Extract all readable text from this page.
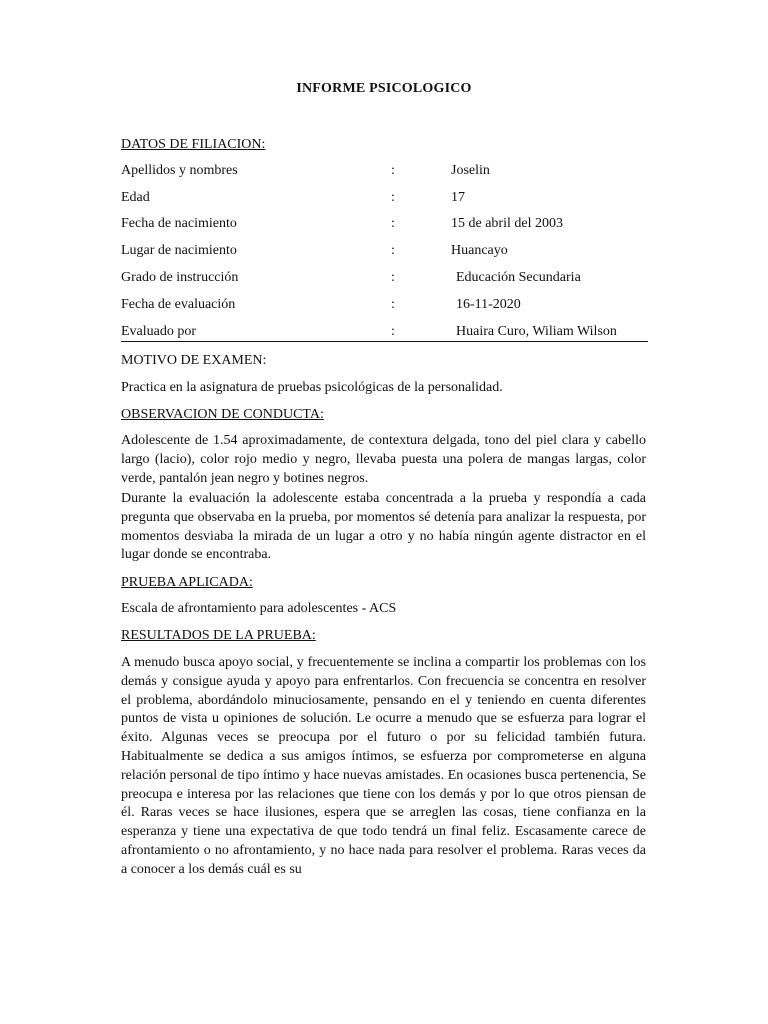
INFORME PSICOLOGICO
DATOS DE FILIACION:
Apellidos y nombres	:	Joselin
Edad	:	17
Fecha de nacimiento	:	15 de abril del 2003
Lugar de nacimiento	:	Huancayo
Grado de instrucción	:	Educación Secundaria
Fecha de evaluación	:	16-11-2020
Evaluado por	:	Huaira Curo, Wiliam Wilson
MOTIVO DE EXAMEN:
Practica en la asignatura de pruebas psicológicas de la personalidad.
OBSERVACION DE CONDUCTA:

Adolescente de 1.54 aproximadamente, de contextura delgada, tono del piel clara y cabello largo (lacio), color rojo medio y negro, llevaba puesta una polera de mangas largas, color verde, pantalón jean negro y botines negros.

Durante la evaluación la adolescente estaba concentrada a la prueba y respondía a cada pregunta que observaba en la prueba, por momentos sé detenía para analizar la respuesta, por momentos desviaba la mirada de un lugar a otro y no había ningún agente distractor en el lugar donde se encontraba.

PRUEBA APLICADA:
Escala de afrontamiento para adolescentes - ACS
RESULTADOS DE LA PRUEBA:

A menudo busca apoyo social, y frecuentemente se inclina a compartir los problemas con los demás y consigue ayuda y apoyo para enfrentarlos. Con frecuencia se concentra en resolver el problema, abordándolo minuciosamente, pensando en el y teniendo en cuenta diferentes puntos de vista u opiniones de solución. Le ocurre a menudo que se esfuerza para lograr el éxito. Algunas veces se preocupa por el futuro o por su felicidad también futura. Habitualmente se dedica a sus amigos íntimos, se esfuerza por comprometerse en alguna relación personal de tipo íntimo y hace nuevas amistades. En ocasiones busca pertenencia, Se preocupa e interesa por las relaciones que tiene con los demás y por lo que otros piensan de él. Raras veces se hace ilusiones, espera que se arreglen las cosas, tiene confianza en la esperanza y tiene una expectativa de que todo tendrá un final feliz. Escasamente carece de afrontamiento o no afrontamiento, y no hace nada para resolver el problema. Raras veces da a conocer a los demás cuál es su
